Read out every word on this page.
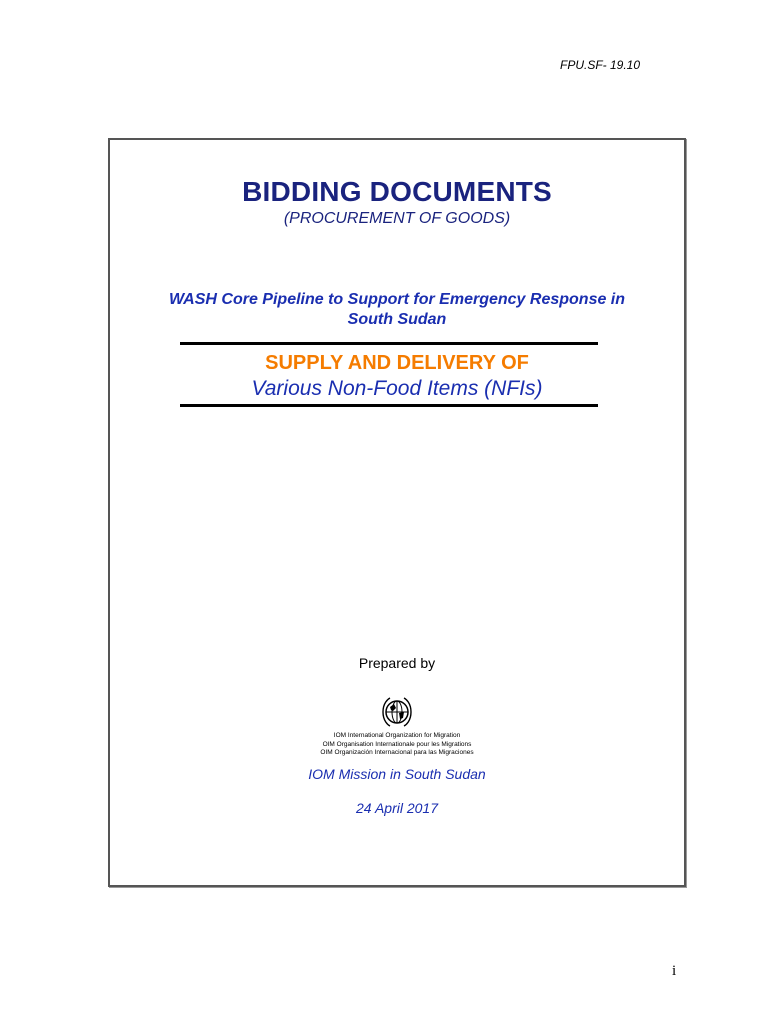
FPU.SF- 19.10
BIDDING DOCUMENTS
(PROCUREMENT OF GOODS)
WASH Core Pipeline to Support for Emergency Response in
South Sudan
SUPPLY AND DELIVERY OF
Various Non-Food Items (NFIs)
Prepared by
IOM International Organization for Migration
OIM Organisation Internationale pour les Migrations
OIM Organización Internacional para las Migraciones
IOM Mission in South Sudan
24 April 2017
i
